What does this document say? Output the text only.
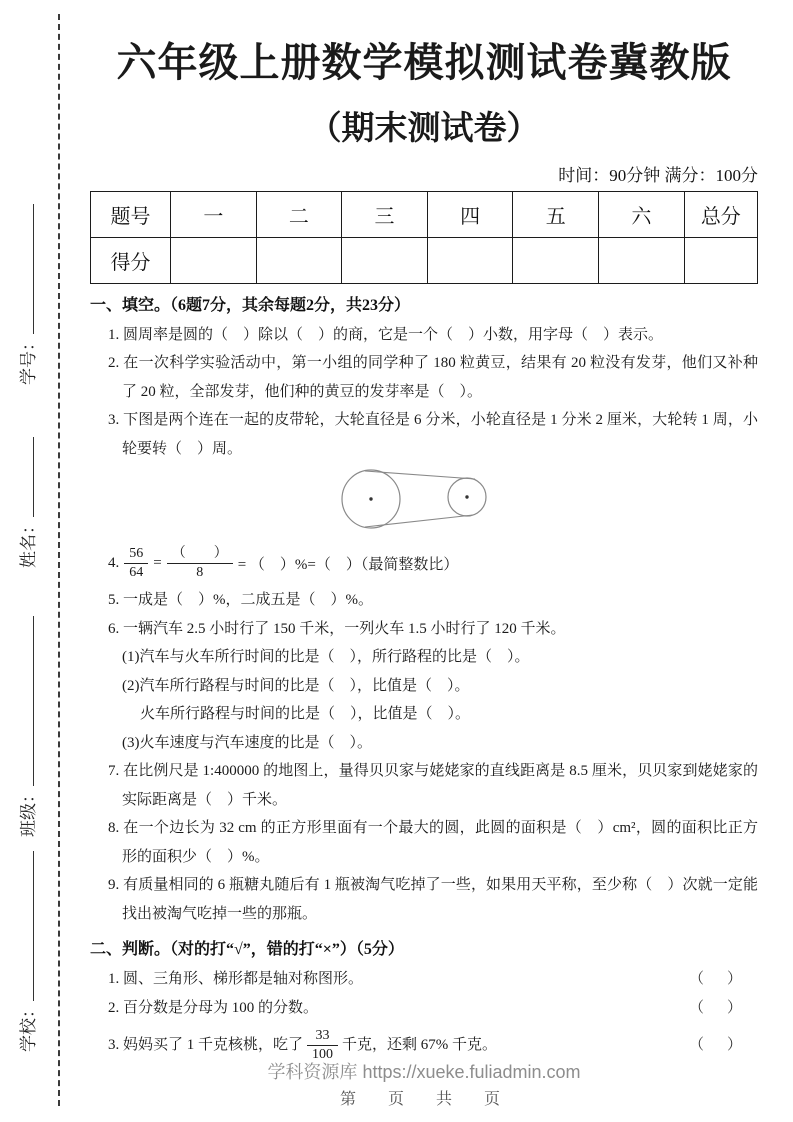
学校：
班级：
姓名：
学号：
六年级上册数学模拟测试卷冀教版
（期末测试卷）
时间：90分钟 满分：100分
题号	一	二	三	四	五	六	总分
得分							
一、填空。（6题7分，其余每题2分，共23分）
1. 圆周率是圆的（　）除以（　）的商，它是一个（　）小数，用字母（　）表示。
2. 在一次科学实验活动中，第一小组的同学种了 180 粒黄豆，结果有 20 粒没有发芽，他们又补种了 20 粒，全部发芽，他们种的黄豆的发芽率是（　）。
3. 下图是两个连在一起的皮带轮，大轮直径是 6 分米，小轮直径是 1 分米 2 厘米，大轮转 1 周，小轮要转（　）周。
4. $\frac{56}{64} = \frac{( )}{8}$ = （　）%=（　）（最简整数比）
5. 一成是（　）%，二成五是（　）%。
6. 一辆汽车 2.5 小时行了 150 千米，一列火车 1.5 小时行了 120 千米。
(1)汽车与火车所行时间的比是（　），所行路程的比是（　）。
(2)汽车所行路程与时间的比是（　），比值是（　）。
火车所行路程与时间的比是（　），比值是（　）。
(3)火车速度与汽车速度的比是（　）。
7. 在比例尺是 1:400000 的地图上，量得贝贝家与姥姥家的直线距离是 8.5 厘米，贝贝家到姥姥家的实际距离是（　）千米。
8. 在一个边长为 32 cm 的正方形里面有一个最大的圆，此圆的面积是（　）cm²，圆的面积比正方形的面积少（　）%。
9. 有质量相同的 6 瓶糖丸随后有 1 瓶被淘气吃掉了一些，如果用天平称，至少称（　）次就一定能找出被淘气吃掉一些的那瓶。
二、判断。（对的打“√”，错的打“×”）（5分）
1. 圆、三角形、梯形都是轴对称图形。	（　）
2. 百分数是分母为 100 的分数。	（　）
3. 妈妈买了 1 千克核桃，吃了 $\frac{33}{100}$ 千克，还剩 67% 千克。	（　）
学科资源库 https://xueke.fuliadmin.com
第　页　共　页
